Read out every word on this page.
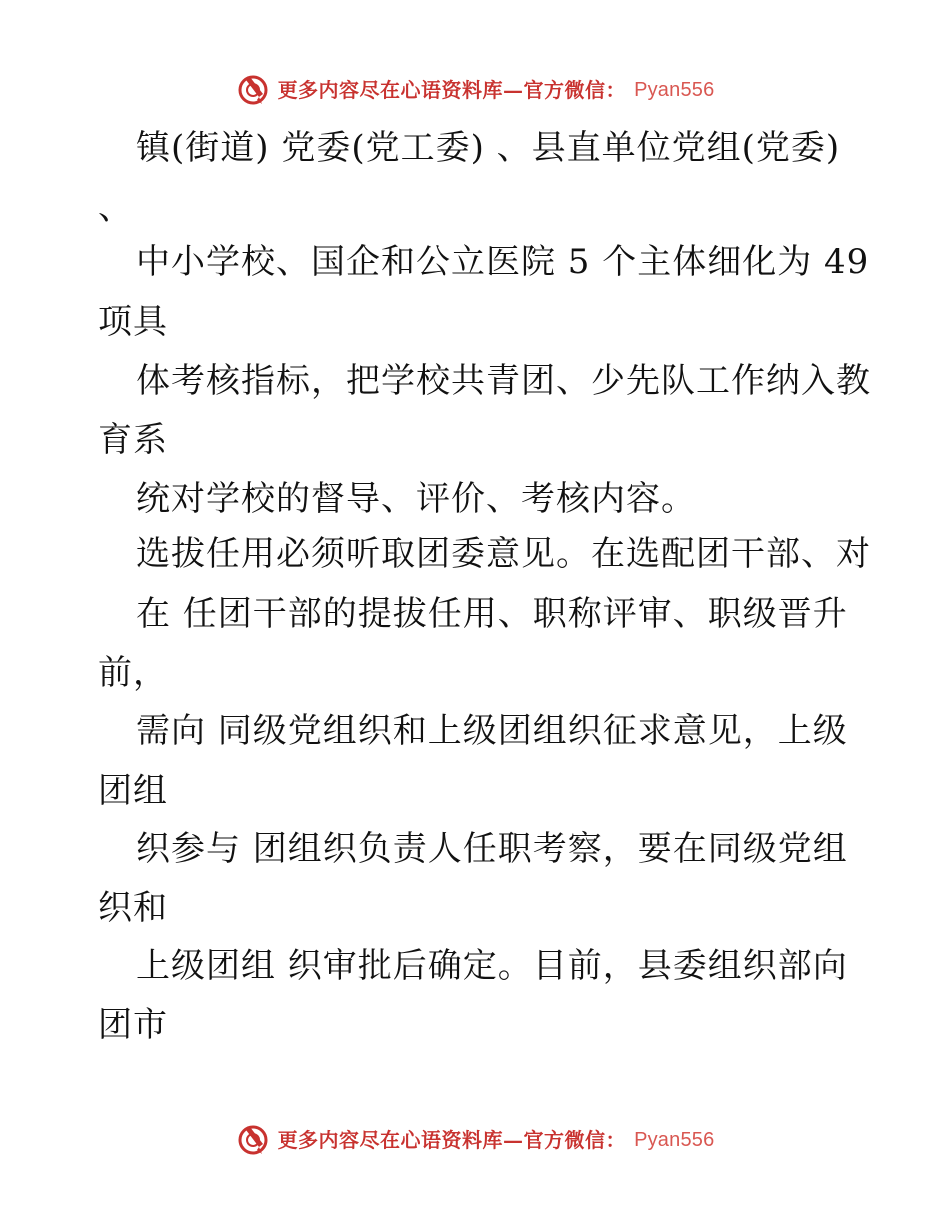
更多内容尽在心语资料库—官方微信： Pyan556
镇(街道) 党委(党工委) 、县直单位党组(党委)
、
中小学校、国企和公立医院 5 个主体细化为 49
项具
体考核指标，把学校共青团、少先队工作纳入教
育系
统对学校的督导、评价、考核内容。
选拔任用必须听取团委意见。在选配团干部、对
在 任团干部的提拔任用、职称评审、职级晋升
前，
需向 同级党组织和上级团组织征求意见，上级
团组
织参与 团组织负责人任职考察，要在同级党组
织和
上级团组 织审批后确定。目前，县委组织部向
团市
更多内容尽在心语资料库—官方微信： Pyan556
